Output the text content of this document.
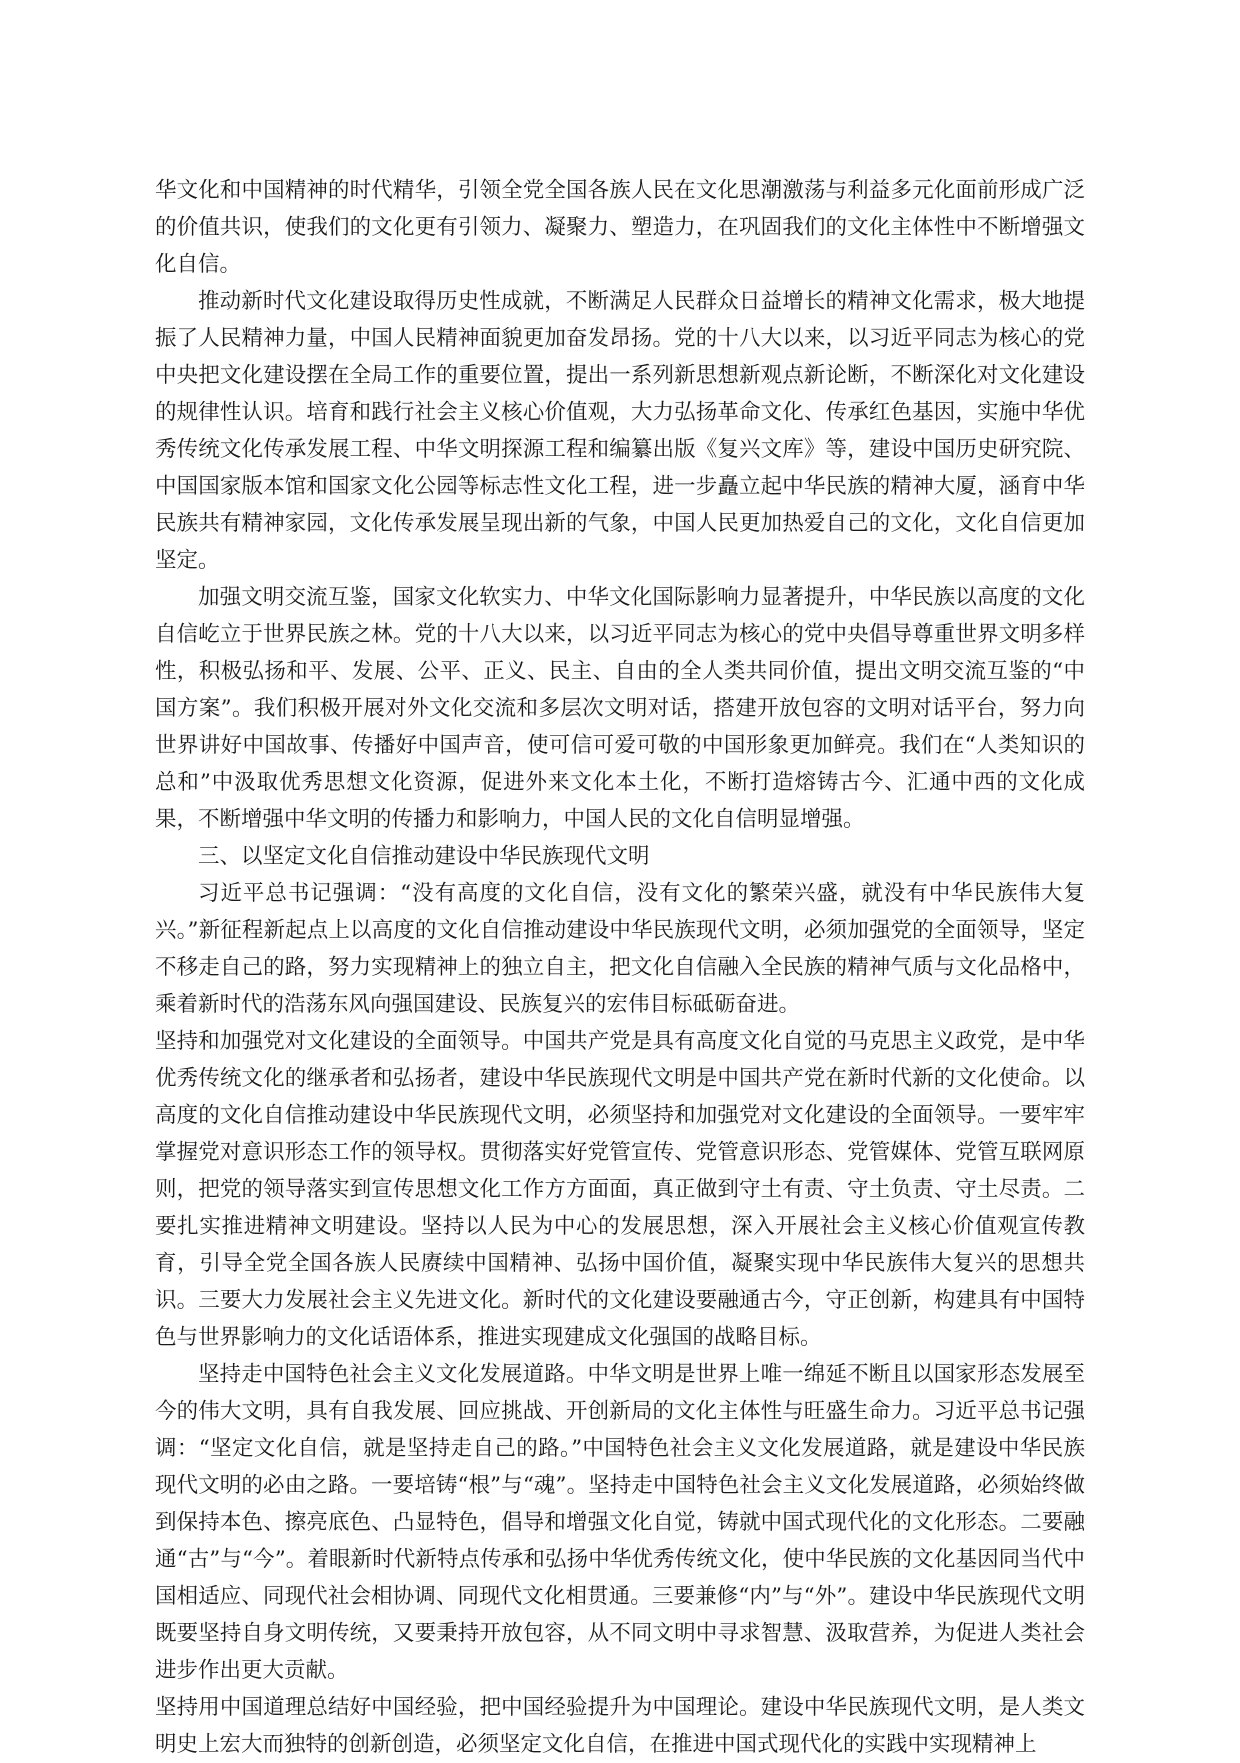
华文化和中国精神的时代精华，引领全党全国各族人民在文化思潮激荡与利益多元化面前形成广泛的价值共识，使我们的文化更有引领力、凝聚力、塑造力，在巩固我们的文化主体性中不断增强文化自信。

推动新时代文化建设取得历史性成就，不断满足人民群众日益增长的精神文化需求，极大地提振了人民精神力量，中国人民精神面貌更加奋发昂扬。党的十八大以来，以习近平同志为核心的党中央把文化建设摆在全局工作的重要位置，提出一系列新思想新观点新论断，不断深化对文化建设的规律性认识。培育和践行社会主义核心价值观，大力弘扬革命文化、传承红色基因，实施中华优秀传统文化传承发展工程、中华文明探源工程和编纂出版《复兴文库》等，建设中国历史研究院、中国国家版本馆和国家文化公园等标志性文化工程，进一步矗立起中华民族的精神大厦，涵育中华民族共有精神家园，文化传承发展呈现出新的气象，中国人民更加热爱自己的文化，文化自信更加坚定。

加强文明交流互鉴，国家文化软实力、中华文化国际影响力显著提升，中华民族以高度的文化自信屹立于世界民族之林。党的十八大以来，以习近平同志为核心的党中央倡导尊重世界文明多样性，积极弘扬和平、发展、公平、正义、民主、自由的全人类共同价值，提出文明交流互鉴的“中国方案”。我们积极开展对外文化交流和多层次文明对话，搭建开放包容的文明对话平台，努力向世界讲好中国故事、传播好中国声音，使可信可爱可敬的中国形象更加鲜亮。我们在“人类知识的总和”中汲取优秀思想文化资源，促进外来文化本土化，不断打造熔铸古今、汇通中西的文化成果，不断增强中华文明的传播力和影响力，中国人民的文化自信明显增强。

三、以坚定文化自信推动建设中华民族现代文明

习近平总书记强调：“没有高度的文化自信，没有文化的繁荣兴盛，就没有中华民族伟大复兴。”新征程新起点上以高度的文化自信推动建设中华民族现代文明，必须加强党的全面领导，坚定不移走自己的路，努力实现精神上的独立自主，把文化自信融入全民族的精神气质与文化品格中，乘着新时代的浩荡东风向强国建设、民族复兴的宏伟目标砥砺奋进。

坚持和加强党对文化建设的全面领导。中国共产党是具有高度文化自觉的马克思主义政党，是中华优秀传统文化的继承者和弘扬者，建设中华民族现代文明是中国共产党在新时代新的文化使命。以高度的文化自信推动建设中华民族现代文明，必须坚持和加强党对文化建设的全面领导。一要牢牢掌握党对意识形态工作的领导权。贯彻落实好党管宣传、党管意识形态、党管媒体、党管互联网原则，把党的领导落实到宣传思想文化工作方方面面，真正做到守土有责、守土负责、守土尽责。二要扎实推进精神文明建设。坚持以人民为中心的发展思想，深入开展社会主义核心价值观宣传教育，引导全党全国各族人民赓续中国精神、弘扬中国价值，凝聚实现中华民族伟大复兴的思想共识。三要大力发展社会主义先进文化。新时代的文化建设要融通古今，守正创新，构建具有中国特色与世界影响力的文化话语体系，推进实现建成文化强国的战略目标。

坚持走中国特色社会主义文化发展道路。中华文明是世界上唯一绵延不断且以国家形态发展至今的伟大文明，具有自我发展、回应挑战、开创新局的文化主体性与旺盛生命力。习近平总书记强调：“坚定文化自信，就是坚持走自己的路。”中国特色社会主义文化发展道路，就是建设中华民族现代文明的必由之路。一要培铸“根”与“魂”。坚持走中国特色社会主义文化发展道路，必须始终做到保持本色、擦亮底色、凸显特色，倡导和增强文化自觉，铸就中国式现代化的文化形态。二要融通“古”与“今”。着眼新时代新特点传承和弘扬中华优秀传统文化，使中华民族的文化基因同当代中国相适应、同现代社会相协调、同现代文化相贯通。三要兼修“内”与“外”。建设中华民族现代文明既要坚持自身文明传统，又要秉持开放包容，从不同文明中寻求智慧、汲取营养，为促进人类社会进步作出更大贡献。

坚持用中国道理总结好中国经验，把中国经验提升为中国理论。建设中华民族现代文明，是人类文明史上宏大而独特的创新创造，必须坚定文化自信，在推进中国式现代化的实践中实现精神上
